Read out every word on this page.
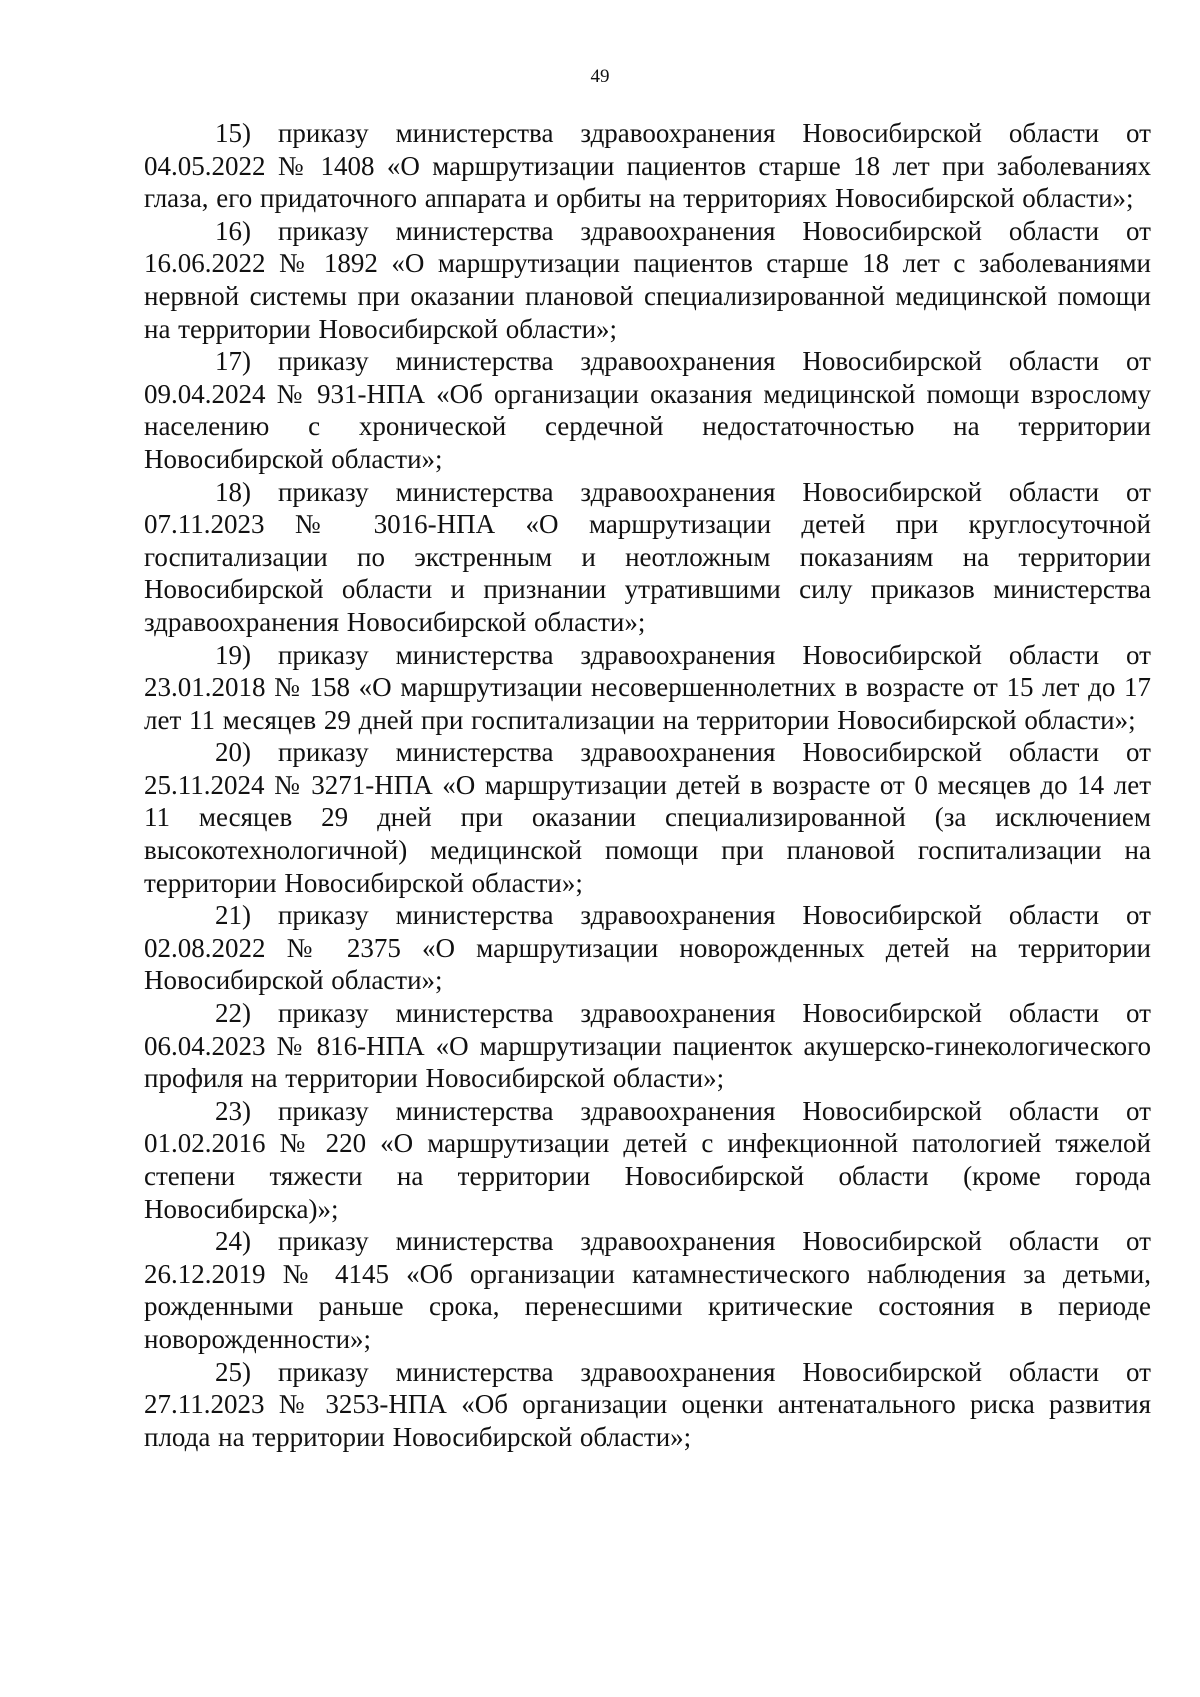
49

15) приказу министерства здравоохранения Новосибирской области от 04.05.2022 № 1408 «О маршрутизации пациентов старше 18 лет при заболеваниях глаза, его придаточного аппарата и орбиты на территориях Новосибирской области»;

16) приказу министерства здравоохранения Новосибирской области от 16.06.2022 № 1892 «О маршрутизации пациентов старше 18 лет с заболеваниями нервной системы при оказании плановой специализированной медицинской помощи на территории Новосибирской области»;

17) приказу министерства здравоохранения Новосибирской области от 09.04.2024 № 931-НПА «Об организации оказания медицинской помощи взрослому населению с хронической сердечной недостаточностью на территории Новосибирской области»;

18) приказу министерства здравоохранения Новосибирской области от 07.11.2023 № 3016-НПА «О маршрутизации детей при круглосуточной госпитализации по экстренным и неотложным показаниям на территории Новосибирской области и признании утратившими силу приказов министерства здравоохранения Новосибирской области»;

19) приказу министерства здравоохранения Новосибирской области от 23.01.2018 № 158 «О маршрутизации несовершеннолетних в возрасте от 15 лет до 17 лет 11 месяцев 29 дней при госпитализации на территории Новосибирской области»;

20) приказу министерства здравоохранения Новосибирской области от 25.11.2024 № 3271-НПА «О маршрутизации детей в возрасте от 0 месяцев до 14 лет 11 месяцев 29 дней при оказании специализированной (за исключением высокотехнологичной) медицинской помощи при плановой госпитализации на территории Новосибирской области»;

21) приказу министерства здравоохранения Новосибирской области от 02.08.2022 № 2375 «О маршрутизации новорожденных детей на территории Новосибирской области»;

22) приказу министерства здравоохранения Новосибирской области от 06.04.2023 № 816-НПА «О маршрутизации пациенток акушерско-гинекологического профиля на территории Новосибирской области»;

23) приказу министерства здравоохранения Новосибирской области от 01.02.2016 № 220 «О маршрутизации детей с инфекционной патологией тяжелой степени тяжести на территории Новосибирской области (кроме города Новосибирска)»;

24) приказу министерства здравоохранения Новосибирской области от 26.12.2019 № 4145 «Об организации катамнестического наблюдения за детьми, рожденными раньше срока, перенесшими критические состояния в периоде новорожденности»;

25) приказу министерства здравоохранения Новосибирской области от 27.11.2023 № 3253-НПА «Об организации оценки антенатального риска развития плода на территории Новосибирской области»;
